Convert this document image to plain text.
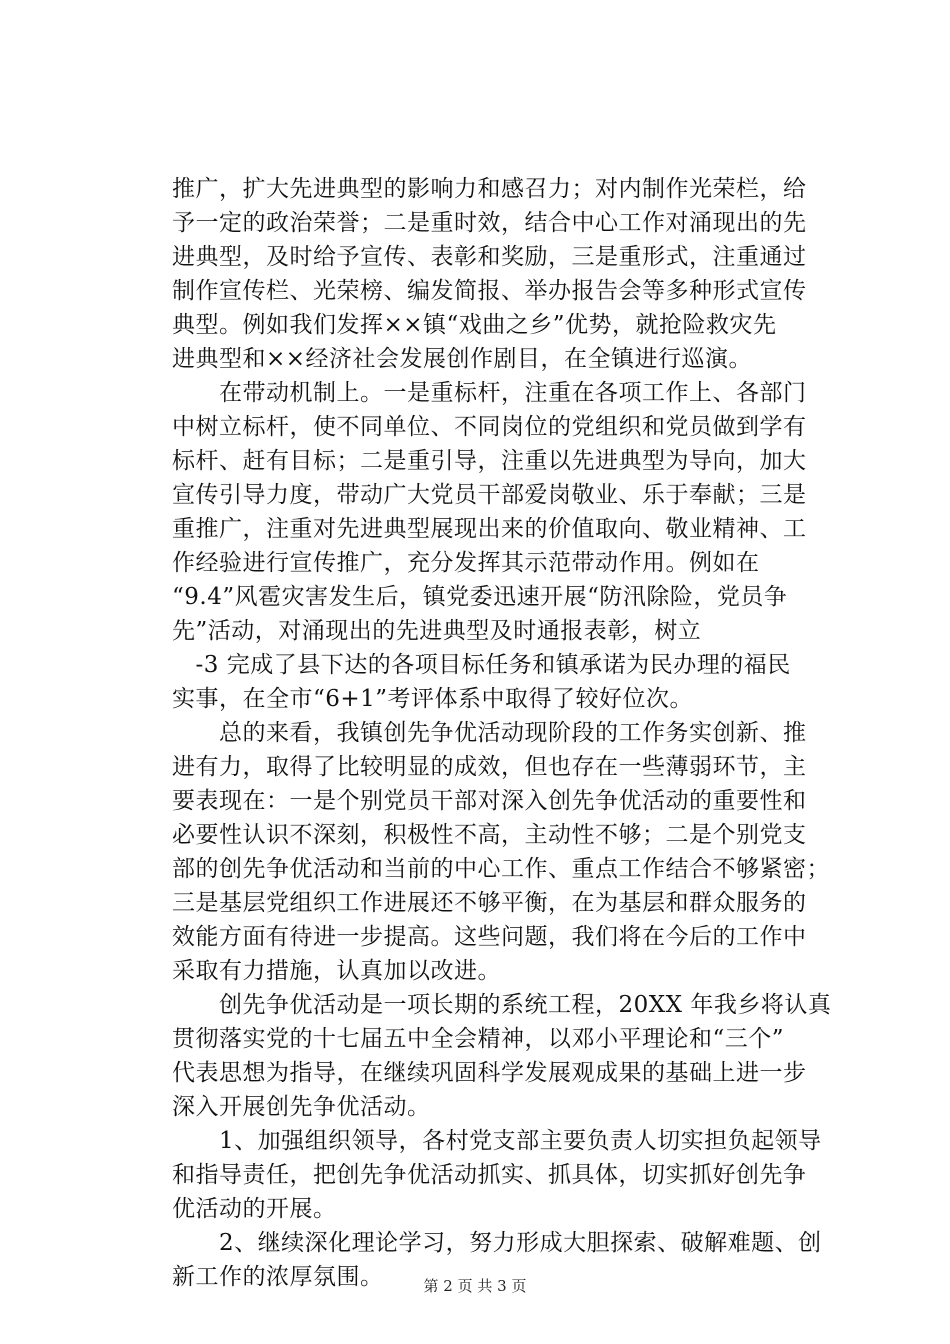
推广，扩大先进典型的影响力和感召力；对内制作光荣栏，给
予一定的政治荣誉；二是重时效，结合中心工作对涌现出的先
进典型，及时给予宣传、表彰和奖励，三是重形式，注重通过
制作宣传栏、光荣榜、编发简报、举办报告会等多种形式宣传
典型。例如我们发挥××镇“戏曲之乡”优势，就抢险救灾先
进典型和××经济社会发展创作剧目，在全镇进行巡演。
　　在带动机制上。一是重标杆，注重在各项工作上、各部门
中树立标杆，使不同单位、不同岗位的党组织和党员做到学有
标杆、赶有目标；二是重引导，注重以先进典型为导向，加大
宣传引导力度，带动广大党员干部爱岗敬业、乐于奉献；三是
重推广，注重对先进典型展现出来的价值取向、敬业精神、工
作经验进行宣传推广，充分发挥其示范带动作用。例如在
“9.4”风雹灾害发生后，镇党委迅速开展“防汛除险，党员争
先”活动，对涌现出的先进典型及时通报表彰，树立
　-3 完成了县下达的各项目标任务和镇承诺为民办理的福民
实事，在全市“6+1”考评体系中取得了较好位次。
　　总的来看，我镇创先争优活动现阶段的工作务实创新、推
进有力，取得了比较明显的成效，但也存在一些薄弱环节，主
要表现在：一是个别党员干部对深入创先争优活动的重要性和
必要性认识不深刻，积极性不高，主动性不够；二是个别党支
部的创先争优活动和当前的中心工作、重点工作结合不够紧密；
三是基层党组织工作进展还不够平衡，在为基层和群众服务的
效能方面有待进一步提高。这些问题，我们将在今后的工作中
采取有力措施，认真加以改进。
　　创先争优活动是一项长期的系统工程，20XX 年我乡将认真
贯彻落实党的十七届五中全会精神，以邓小平理论和“三个”
代表思想为指导，在继续巩固科学发展观成果的基础上进一步
深入开展创先争优活动。
　　1、加强组织领导，各村党支部主要负责人切实担负起领导
和指导责任，把创先争优活动抓实、抓具体，切实抓好创先争
优活动的开展。
　　2、继续深化理论学习，努力形成大胆探索、破解难题、创
新工作的浓厚氛围。	第 2 页 共 3 页
